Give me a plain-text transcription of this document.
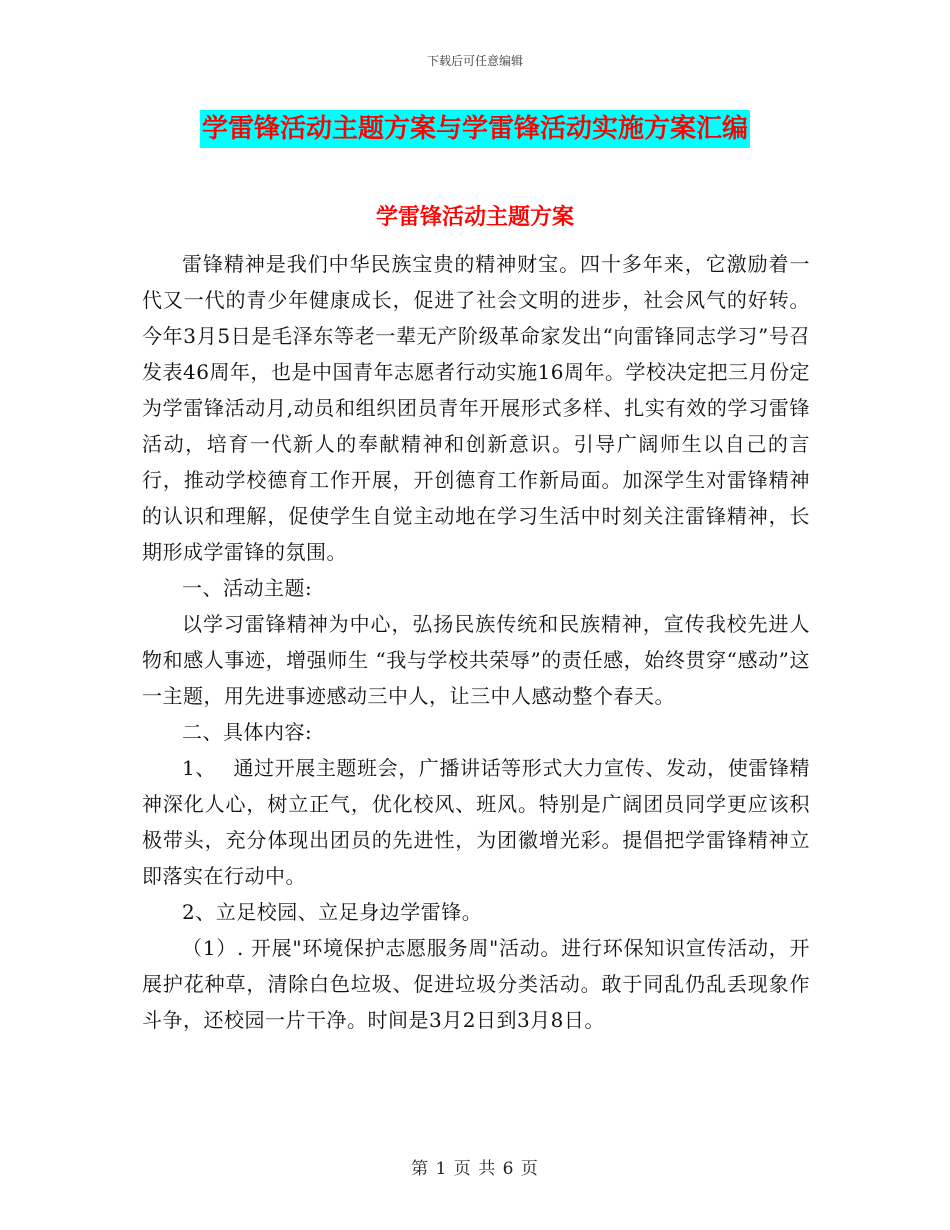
下载后可任意编辑
学雷锋活动主题方案与学雷锋活动实施方案汇编
学雷锋活动主题方案

雷锋精神是我们中华民族宝贵的精神财宝。四十多年来，它激励着一代又一代的青少年健康成长，促进了社会文明的进步，社会风气的好转。今年3月5日是毛泽东等老一辈无产阶级革命家发出“向雷锋同志学习”号召发表46周年，也是中国青年志愿者行动实施16周年。学校决定把三月份定为学雷锋活动月,动员和组织团员青年开展形式多样、扎实有效的学习雷锋活动，培育一代新人的奉献精神和创新意识。引导广阔师生以自己的言行，推动学校德育工作开展，开创德育工作新局面。加深学生对雷锋精神的认识和理解，促使学生自觉主动地在学习生活中时刻关注雷锋精神，长期形成学雷锋的氛围。

一、活动主题:

以学习雷锋精神为中心，弘扬民族传统和民族精神，宣传我校先进人物和感人事迹，增强师生 “我与学校共荣辱”的责任感，始终贯穿“感动”这一主题，用先进事迹感动三中人，让三中人感动整个春天。

二、具体内容:

1、　 通过开展主题班会，广播讲话等形式大力宣传、发动，使雷锋精神深化人心，树立正气，优化校风、班风。特别是广阔团员同学更应该积极带头，充分体现出团员的先进性，为团徽增光彩。提倡把学雷锋精神立即落实在行动中。

2、立足校园、立足身边学雷锋。

（1）. 开展"环境保护志愿服务周"活动。进行环保知识宣传活动，开展护花种草，清除白色垃圾、促进垃圾分类活动。敢于同乱仍乱丢现象作斗争，还校园一片干净。时间是3月2日到3月8日。

第 1 页 共 6 页
